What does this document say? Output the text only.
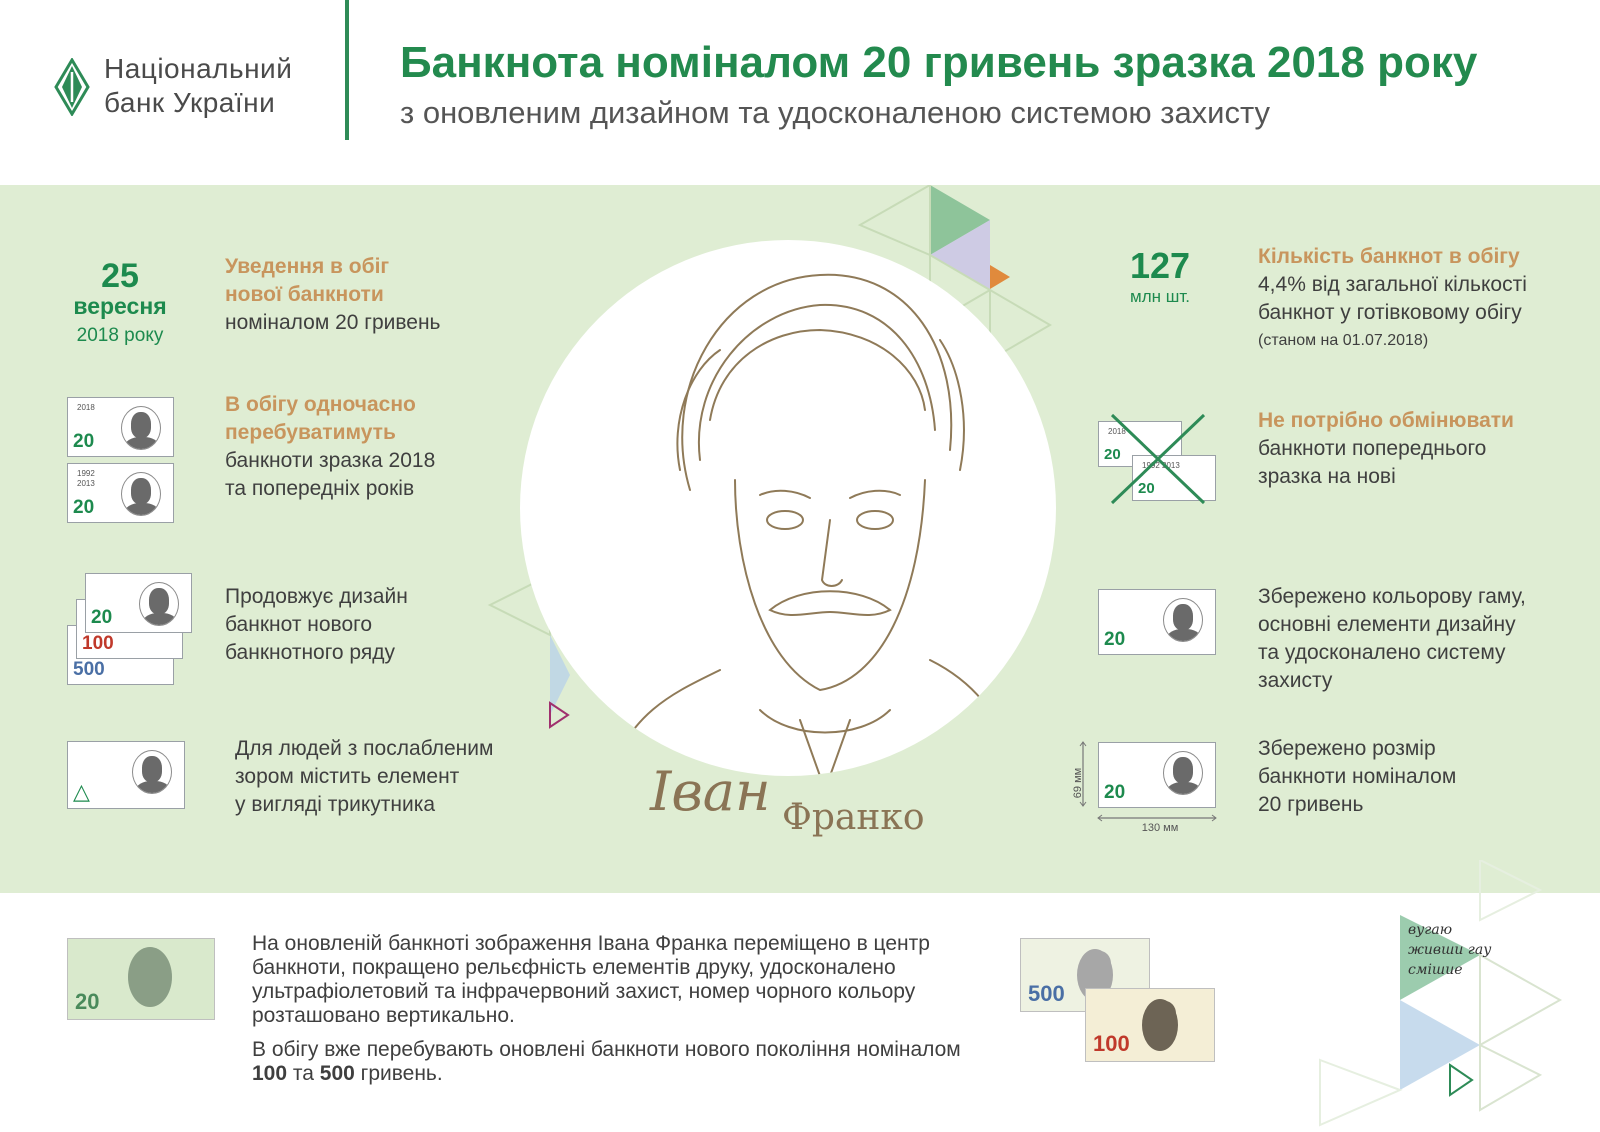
Національний
банк України
Банкнота номіналом 20 гривень зразка 2018 року
з оновленим дизайном та удосконаленою системою захисту
25
вересня
2018 року
Уведення в обіг
нової банкноти
номіналом 20 гривень
2018
20
1992
2013
20
В обігу одночасно
перебуватимуть
банкноти зразка 2018
та попередніх років
500
100
20
Продовжує дизайн
банкнот нового
банкнотного ряду
△
Для людей з послабленим
зором містить елемент
у вигляді трикутника	Іван Франко
127
млн шт.
Кількість банкнот в обігу
4,4% від загальної кількості
банкнот у готівковому обігу
(станом на 01.07.2018)
2018
20
1992 2013
20
Не потрібно обмінювати
банкноти попереднього
зразка на нові
20
Збережено кольорову гаму,
основні елементи дизайну
та удосконалено систему
захисту
20
69 мм
130 мм
Збережено розмір
банкноти номіналом
20 гривень
20

На оновленій банкноті зображення Івана Франка переміщено в центр банкноти, покращено рельєфність елементів друку, удосконалено ультрафіолетовий та інфрачервоний захист, номер чорного кольору розташовано вертикально.

В обігу вже перебувають оновлені банкноти нового покоління номіналом 100 та 500 гривень.

500
100
вугаю
живши гау
смішие
